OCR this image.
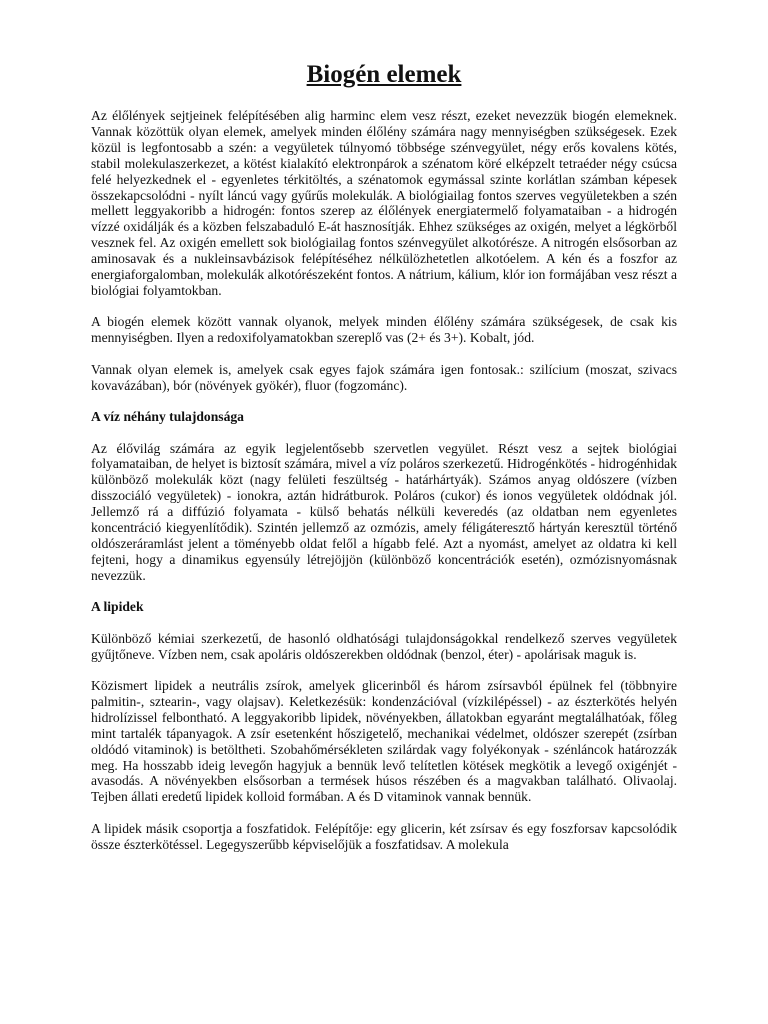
Biogén elemek

Az élőlények sejtjeinek felépítésében alig harminc elem vesz részt, ezeket nevezzük biogén elemeknek. Vannak közöttük olyan elemek, amelyek minden élőlény számára nagy mennyiségben szükségesek. Ezek közül is legfontosabb a szén: a vegyületek túlnyomó többsége szénvegyület, négy erős kovalens kötés, stabil molekulaszerkezet, a kötést kialakító elektronpárok a szénatom köré elképzelt tetraéder négy csúcsa felé helyezkednek el - egyenletes térkitöltés, a szénatomok egymással szinte korlátlan számban képesek összekapcsolódni - nyílt láncú vagy gyűrűs molekulák. A biológiailag fontos szerves vegyületekben a szén mellett leggyakoribb a hidrogén: fontos szerep az élőlények energiatermelő folyamataiban - a hidrogén vízzé oxidálják és a közben felszabaduló E-át hasznosítják. Ehhez szükséges az oxigén, melyet a légkörből vesznek fel. Az oxigén emellett sok biológiailag fontos szénvegyület alkotórésze. A nitrogén elsősorban az aminosavak és a nukleinsavbázisok felépítéséhez nélkülözhetetlen alkotóelem. A kén és a foszfor az energiaforgalomban, molekulák alkotórészeként fontos. A nátrium, kálium, klór ion formájában vesz részt a biológiai folyamtokban.

A biogén elemek között vannak olyanok, melyek minden élőlény számára szükségesek, de csak kis mennyiségben. Ilyen a redoxifolyamatokban szereplő vas (2+ és 3+). Kobalt, jód.

Vannak olyan elemek is, amelyek csak egyes fajok számára igen fontosak.: szilícium (moszat, szivacs kovavázában), bór (növények gyökér), fluor (fogzománc).

A víz néhány tulajdonsága

Az élővilág számára az egyik legjelentősebb szervetlen vegyület. Részt vesz a sejtek biológiai folyamataiban, de helyet is biztosít számára, mivel a víz poláros szerkezetű. Hidrogénkötés - hidrogénhidak különböző molekulák közt (nagy felületi feszültség - határhártyák). Számos anyag oldószere (vízben disszociáló vegyületek) - ionokra, aztán hidrátburok. Poláros (cukor) és ionos vegyületek oldódnak jól. Jellemző rá a diffúzió folyamata - külső behatás nélküli keveredés (az oldatban nem egyenletes koncentráció kiegyenlítődik). Szintén jellemző az ozmózis, amely féligáteresztő hártyán keresztül történő oldószeráramlást jelent a töményebb oldat felől a hígabb felé. Azt a nyomást, amelyet az oldatra ki kell fejteni, hogy a dinamikus egyensúly létrejöjjön (különböző koncentrációk esetén), ozmózisnyomásnak nevezzük.

A lipidek

Különböző kémiai szerkezetű, de hasonló oldhatósági tulajdonságokkal rendelkező szerves vegyületek gyűjtőneve. Vízben nem, csak apoláris oldószerekben oldódnak (benzol, éter) - apolárisak maguk is.

Közismert lipidek a neutrális zsírok, amelyek glicerinből és három zsírsavból épülnek fel (többnyire palmitin-, sztearin-, vagy olajsav). Keletkezésük: kondenzációval (vízkilépéssel) - az észterkötés helyén hidrolízissel felbontható. A leggyakoribb lipidek, növényekben, állatokban egyaránt megtalálhatóak, főleg mint tartalék tápanyagok. A zsír esetenként hőszigetelő, mechanikai védelmet, oldószer szerepét (zsírban oldódó vitaminok) is betöltheti. Szobahőmérsékleten szilárdak vagy folyékonyak - szénláncok határozzák meg. Ha hosszabb ideig levegőn hagyjuk a bennük levő telítetlen kötések megkötik a levegő oxigénjét - avasodás. A növényekben elsősorban a termések húsos részében és a magvakban található. Olivaolaj. Tejben állati eredetű lipidek kolloid formában. A és D vitaminok vannak bennük.

A lipidek másik csoportja a foszfatidok. Felépítője: egy glicerin, két zsírsav és egy foszforsav kapcsolódik össze észterkötéssel. Legegyszerűbb képviselőjük a foszfatidsav. A molekula
